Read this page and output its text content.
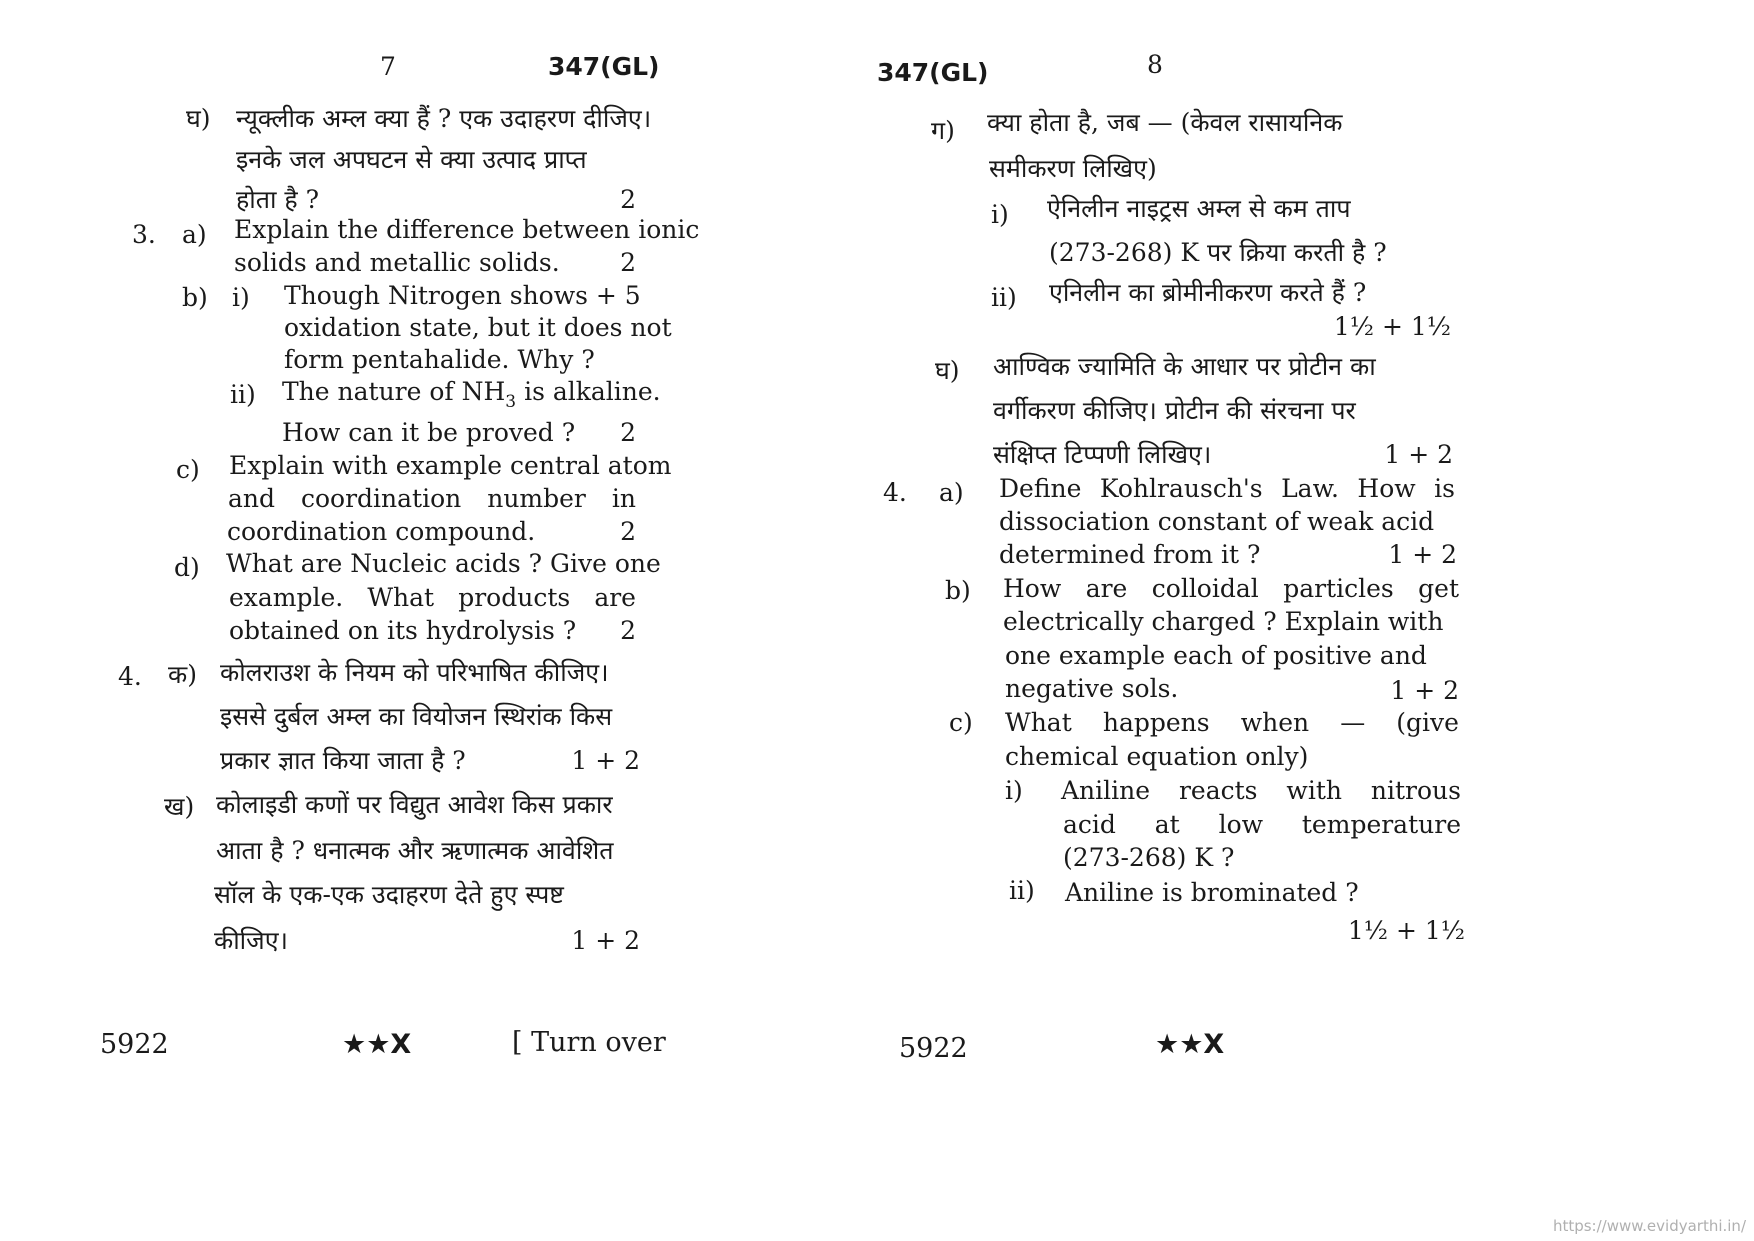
7	347(GL)
घ) न्यूक्लीक अम्ल क्या हैं ? एक उदाहरण दीजिए।
इनके जल अपघटन से क्या उत्पाद प्राप्त
होता है ?	2
3. a) Explain the difference between ionic
solids and metallic solids.	2
b) i) Though Nitrogen shows + 5
oxidation state, but it does not
form pentahalide. Why ?
ii) The nature of $NH_3$ is alkaline.
How can it be proved ?	2
c) Explain with example central atom
and coordination number in
coordination compound.	2
d) What are Nucleic acids ? Give one
example. What products are
obtained on its hydrolysis ?	2
4. क) कोलराउश के नियम को परिभाषित कीजिए।
इससे दुर्बल अम्ल का वियोजन स्थिरांक किस
प्रकार ज्ञात किया जाता है ?	1 + 2
ख) कोलाइडी कणों पर विद्युत आवेश किस प्रकार
आता है ? धनात्मक और ऋणात्मक आवेशित
सॉल के एक-एक उदाहरण देते हुए स्पष्ट
कीजिए।	1 + 2
5922	★★X	[ Turn over
347(GL)	8
ग) क्या होता है, जब — (केवल रासायनिक
समीकरण लिखिए)
i) ऐनिलीन नाइट्रस अम्ल से कम ताप
(273-268) K पर क्रिया करती है ?
ii) एनिलीन का ब्रोमीनीकरण करते हैं ?
1½ + 1½
घ) आण्विक ज्यामिति के आधार पर प्रोटीन का
वर्गीकरण कीजिए। प्रोटीन की संरचना पर
संक्षिप्त टिप्पणी लिखिए।	1 + 2
4. a) Define Kohlrausch's Law. How is
dissociation constant of weak acid
determined from it ?	1 + 2
b) How are colloidal particles get
electrically charged ? Explain with
one example each of positive and
negative sols.	1 + 2
c) What happens when — (give
chemical equation only)
i) Aniline reacts with nitrous
acid at low temperature
(273-268) K ?
ii) Aniline is brominated ?
1½ + 1½
5922	★★X
https://www.evidyarthi.in/
